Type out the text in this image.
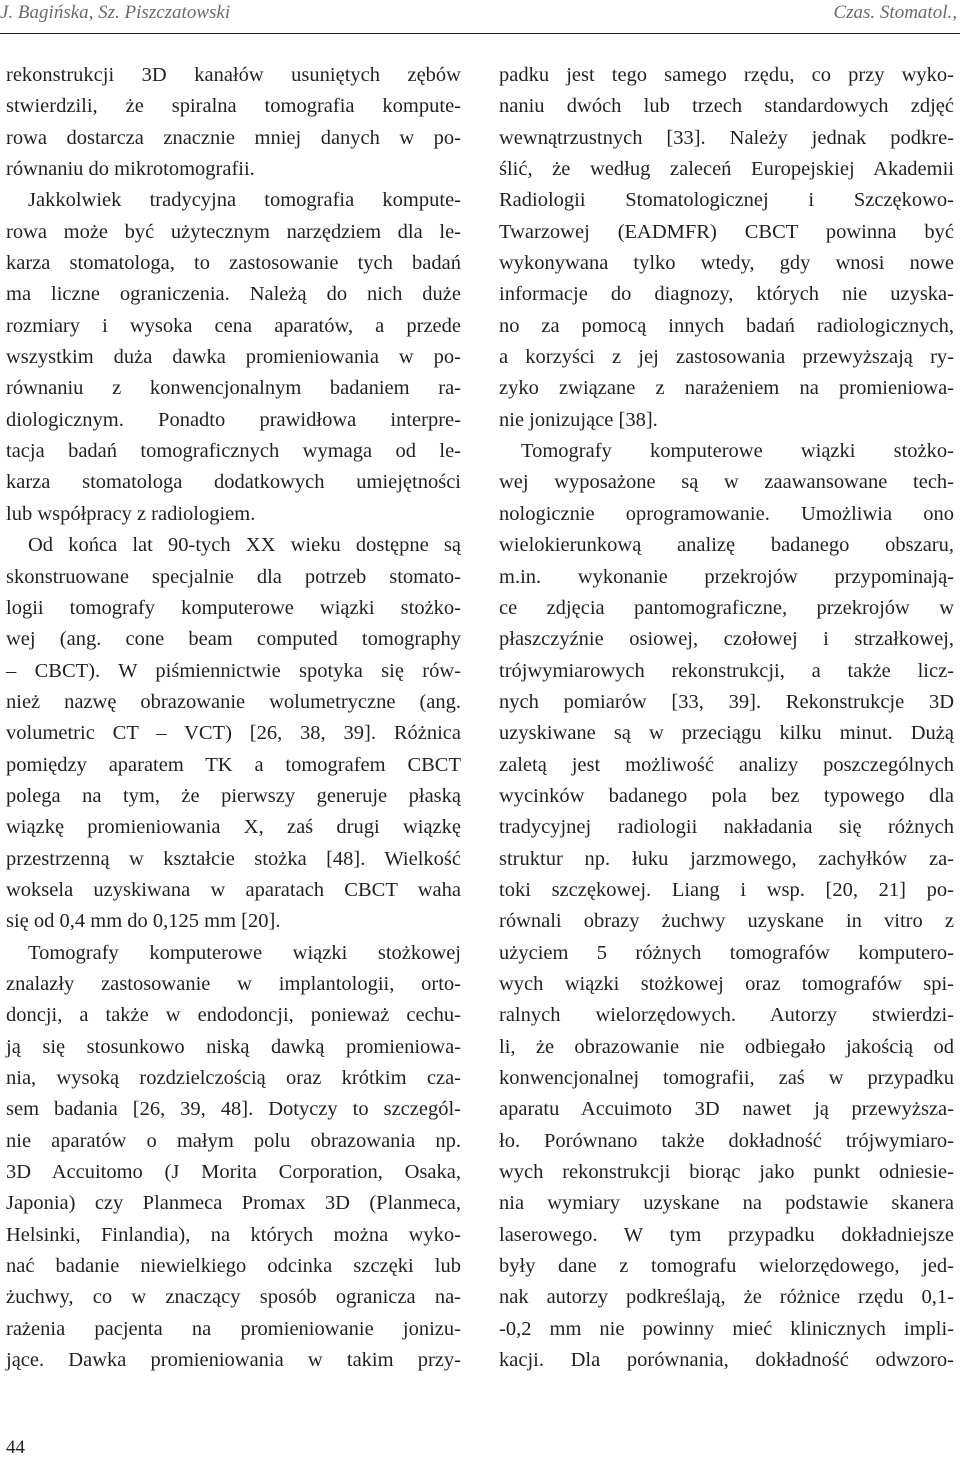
J. Bagińska, Sz. Piszczatowski	Czas. Stomatol.,
rekonstrukcji 3D kanałów usuniętych zębów
stwierdzili, że spiralna tomografia kompute-
rowa dostarcza znacznie mniej danych w po-
równaniu do mikrotomografii.
Jakkolwiek tradycyjna tomografia kompute-
rowa może być użytecznym narzędziem dla le-
karza stomatologa, to zastosowanie tych badań
ma liczne ograniczenia. Należą do nich duże
rozmiary i wysoka cena aparatów, a przede
wszystkim duża dawka promieniowania w po-
równaniu z konwencjonalnym badaniem ra-
diologicznym. Ponadto prawidłowa interpre-
tacja badań tomograficznych wymaga od le-
karza stomatologa dodatkowych umiejętności
lub współpracy z radiologiem.
Od końca lat 90-tych XX wieku dostępne są
skonstruowane specjalnie dla potrzeb stomato-
logii tomografy komputerowe wiązki stożko-
wej (ang. cone beam computed tomography
– CBCT). W piśmiennictwie spotyka się rów-
nież nazwę obrazowanie wolumetryczne (ang.
volumetric CT – VCT) [26, 38, 39]. Różnica
pomiędzy aparatem TK a tomografem CBCT
polega na tym, że pierwszy generuje płaską
wiązkę promieniowania X, zaś drugi wiązkę
przestrzenną w kształcie stożka [48]. Wielkość
woksela uzyskiwana w aparatach CBCT waha
się od 0,4 mm do 0,125 mm [20].
Tomografy komputerowe wiązki stożkowej
znalazły zastosowanie w implantologii, orto-
doncji, a także w endodoncji, ponieważ cechu-
ją się stosunkowo niską dawką promieniowa-
nia, wysoką rozdzielczością oraz krótkim cza-
sem badania [26, 39, 48]. Dotyczy to szczegól-
nie aparatów o małym polu obrazowania np.
3D Accuitomo (J Morita Corporation, Osaka,
Japonia) czy Planmeca Promax 3D (Planmeca,
Helsinki, Finlandia), na których można wyko-
nać badanie niewielkiego odcinka szczęki lub
żuchwy, co w znaczący sposób ogranicza na-
rażenia pacjenta na promieniowanie jonizu-
jące. Dawka promieniowania w takim przy-
padku jest tego samego rzędu, co przy wyko-
naniu dwóch lub trzech standardowych zdjęć
wewnątrzustnych [33]. Należy jednak podkre-
ślić, że według zaleceń Europejskiej Akademii
Radiologii Stomatologicznej i Szczękowo-
Twarzowej (EADMFR) CBCT powinna być
wykonywana tylko wtedy, gdy wnosi nowe
informacje do diagnozy, których nie uzyska-
no za pomocą innych badań radiologicznych,
a korzyści z jej zastosowania przewyższają ry-
zyko związane z narażeniem na promieniowa-
nie jonizujące [38].
Tomografy komputerowe wiązki stożko-
wej wyposażone są w zaawansowane tech-
nologicznie oprogramowanie. Umożliwia ono
wielokierunkową analizę badanego obszaru,
m.in. wykonanie przekrojów przypominają-
ce zdjęcia pantomograficzne, przekrojów w
płaszczyźnie osiowej, czołowej i strzałkowej,
trójwymiarowych rekonstrukcji, a także licz-
nych pomiarów [33, 39]. Rekonstrukcje 3D
uzyskiwane są w przeciągu kilku minut. Dużą
zaletą jest możliwość analizy poszczególnych
wycinków badanego pola bez typowego dla
tradycyjnej radiologii nakładania się różnych
struktur np. łuku jarzmowego, zachyłków za-
toki szczękowej. Liang i wsp. [20, 21] po-
równali obrazy żuchwy uzyskane in vitro z
użyciem 5 różnych tomografów komputero-
wych wiązki stożkowej oraz tomografów spi-
ralnych wielorzędowych. Autorzy stwierdzi-
li, że obrazowanie nie odbiegało jakością od
konwencjonalnej tomografii, zaś w przypadku
aparatu Accuimoto 3D nawet ją przewyższa-
ło. Porównano także dokładność trójwymiaro-
wych rekonstrukcji biorąc jako punkt odniesie-
nia wymiary uzyskane na podstawie skanera
laserowego. W tym przypadku dokładniejsze
były dane z tomografu wielorzędowego, jed-
nak autorzy podkreślają, że różnice rzędu 0,1-
-0,2 mm nie powinny mieć klinicznych impli-
kacji. Dla porównania, dokładność odwzoro-
44
